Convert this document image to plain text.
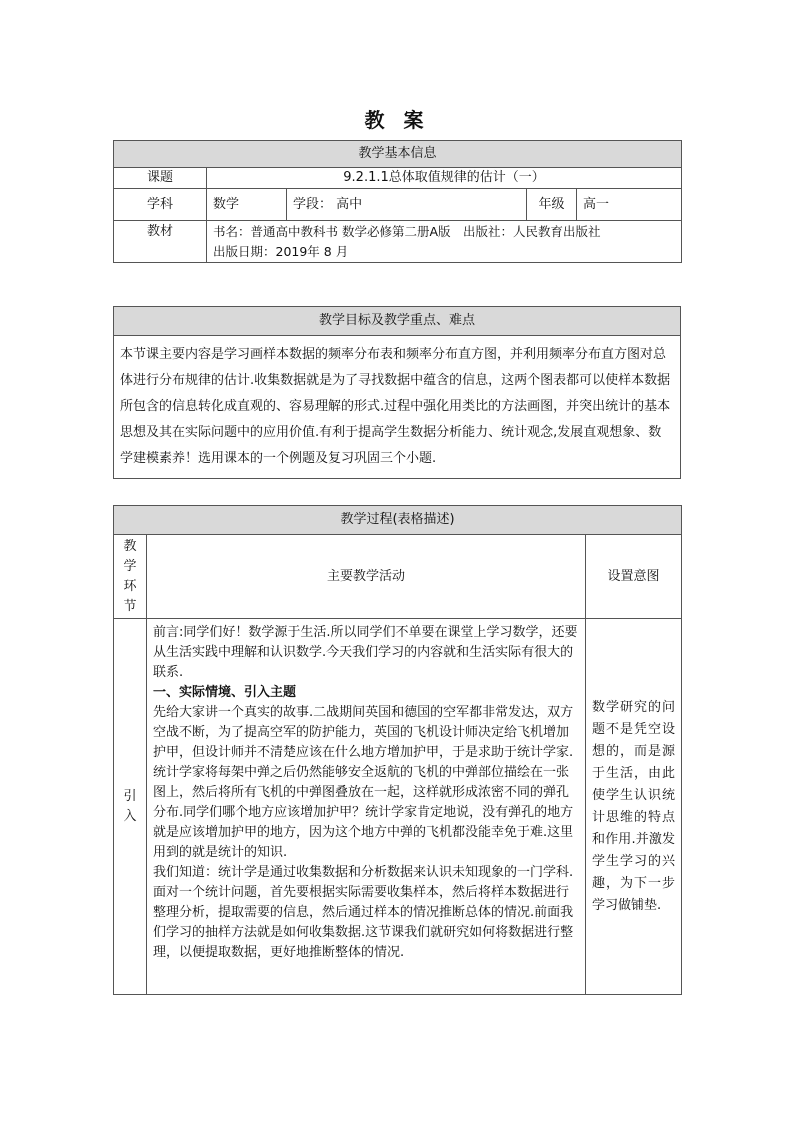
教 案
教学基本信息				
课题	9.2.1.1总体取值规律的估计（一）			
学科	数学	学段： 高中	年级	高一
教材	书名：普通高中教科书 数学必修第二册A版　出版社：人民教育出版社
出版日期：2019年 8 月			
教学目标及教学重点、难点
本节课主要内容是学习画样本数据的频率分布表和频率分布直方图，并利用频率分布直方图对总体进行分布规律的估计.收集数据就是为了寻找数据中蕴含的信息，这两个图表都可以使样本数据所包含的信息转化成直观的、容易理解的形式.过程中强化用类比的方法画图，并突出统计的基本思想及其在实际问题中的应用价值.有利于提高学生数据分析能力、统计观念,发展直观想象、数学建模素养！选用课本的一个例题及复习巩固三个小题.
教学过程(表格描述)		
教学环节	主要教学活动	设置意图
引入	前言:同学们好！数学源于生活.所以同学们不单要在课堂上学习数学，还要从生活实践中理解和认识数学.今天我们学习的内容就和生活实际有很大的联系.

一、实际情境、引入主题

先给大家讲一个真实的故事.二战期间英国和德国的空军都非常发达，双方空战不断，为了提高空军的防护能力，英国的飞机设计师决定给飞机增加护甲，但设计师并不清楚应该在什么地方增加护甲，于是求助于统计学家.统计学家将每架中弹之后仍然能够安全返航的飞机的中弹部位描绘在一张图上，然后将所有飞机的中弹图叠放在一起，这样就形成浓密不同的弹孔分布.同学们哪个地方应该增加护甲？统计学家肯定地说，没有弹孔的地方就是应该增加护甲的地方，因为这个地方中弹的飞机都没能幸免于难.这里用到的就是统计的知识.

我们知道：统计学是通过收集数据和分析数据来认识未知现象的一门学科.面对一个统计问题，首先要根据实际需要收集样本，然后将样本数据进行整理分析，提取需要的信息，然后通过样本的情况推断总体的情况.前面我们学习的抽样方法就是如何收集数据.这节课我们就研究如何将数据进行整理，以便提取数据，更好地推断整体的情况.	数学研究的问题不是凭空设想的，而是源于生活，由此使学生认识统计思维的特点和作用.并激发学生学习的兴趣，为下一步学习做铺垫.
